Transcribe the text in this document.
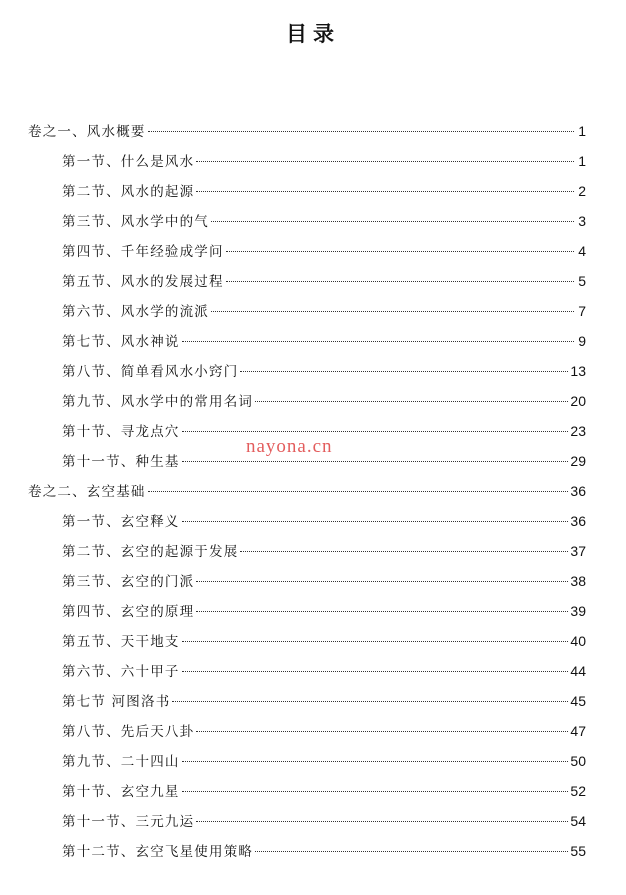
目录
卷之一、风水概要	1
第一节、什么是风水	1
第二节、风水的起源	2
第三节、风水学中的气	3
第四节、千年经验成学问	4
第五节、风水的发展过程	5
第六节、风水学的流派	7
第七节、风水神说	9
第八节、简单看风水小窍门	13
第九节、风水学中的常用名词	20
第十节、寻龙点穴	23
第十一节、种生基	29
卷之二、玄空基础	36
第一节、玄空释义	36
第二节、玄空的起源于发展	37
第三节、玄空的门派	38
第四节、玄空的原理	39
第五节、天干地支	40
第六节、六十甲子	44
第七节 河图洛书	45
第八节、先后天八卦	47
第九节、二十四山	50
第十节、玄空九星	52
第十一节、三元九运	54
第十二节、玄空飞星使用策略	55
nayona.cn
